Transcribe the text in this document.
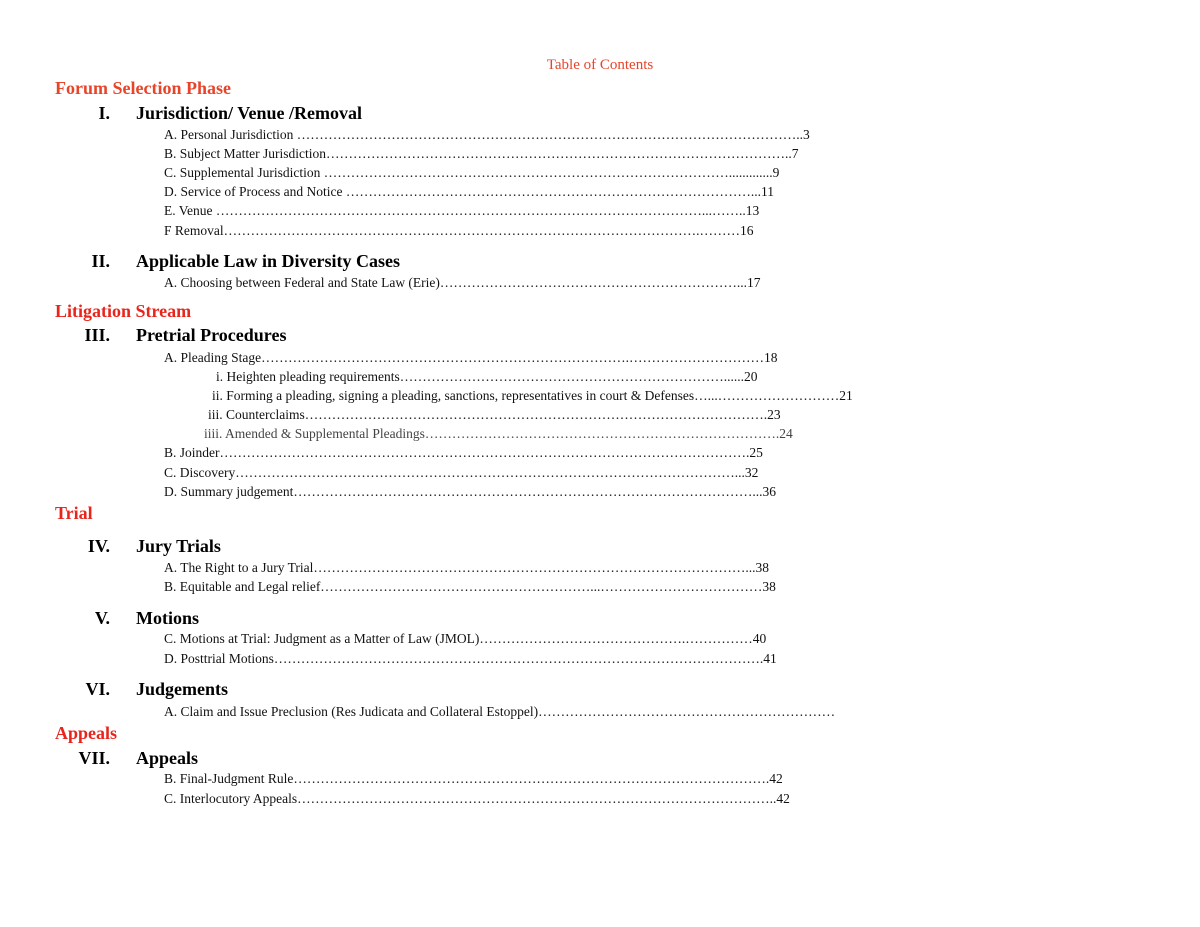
Table of Contents
Forum Selection Phase
I. Jurisdiction/ Venue /Removal
A. Personal Jurisdiction …………………………………………………………………………………………………..3
B. Subject Matter Jurisdiction…………………………………………………………………………………………..7
C. Supplemental Jurisdiction ……………………………………………………………………………….............9
D. Service of Process and Notice ………………………………………………………………………………...11
E. Venue ………………………………………………………………………………………………...……..13
F Removal…………………………………………………………………………………………….………16
II. Applicable Law in Diversity Cases
A. Choosing between Federal and State Law (Erie)…………………………………………………………...17
Litigation Stream
III. Pretrial Procedures
A. Pleading Stage……………………………………………………………………….…………………………18
i. Heighten pleading requirements………………………………………………………………......20
ii. Forming a pleading, signing a pleading, sanctions, representatives in court & Defenses…...………………………21
iii. Counterclaims………………………………………………………………………………………….23
iiii. Amended & Supplemental Pleadings…………………………………………………………………….24
B. Joinder……………………………………………………………………………………………………….25
C. Discovery…………………………………………………………………………………………………...32
D. Summary judgement…………………………………………………………………………………………...36
Trial
IV. Jury Trials
A. The Right to a Jury Trial……………………………………………………………………………………...38
B. Equitable and Legal relief……………………………………………………...………………………………38
V. Motions
C. Motions at Trial: Judgment as a Matter of Law (JMOL)……………………………………….……………40
D. Posttrial Motions……………………………………………………………………………………………….41
VI. Judgements
A. Claim and Issue Preclusion (Res Judicata and Collateral Estoppel)…………………………………………………………
Appeals
VII. Appeals
B. Final-Judgment Rule…………………………………………………………………………………………….42
C. Interlocutory Appeals……………………………………………………………………………………………..42
